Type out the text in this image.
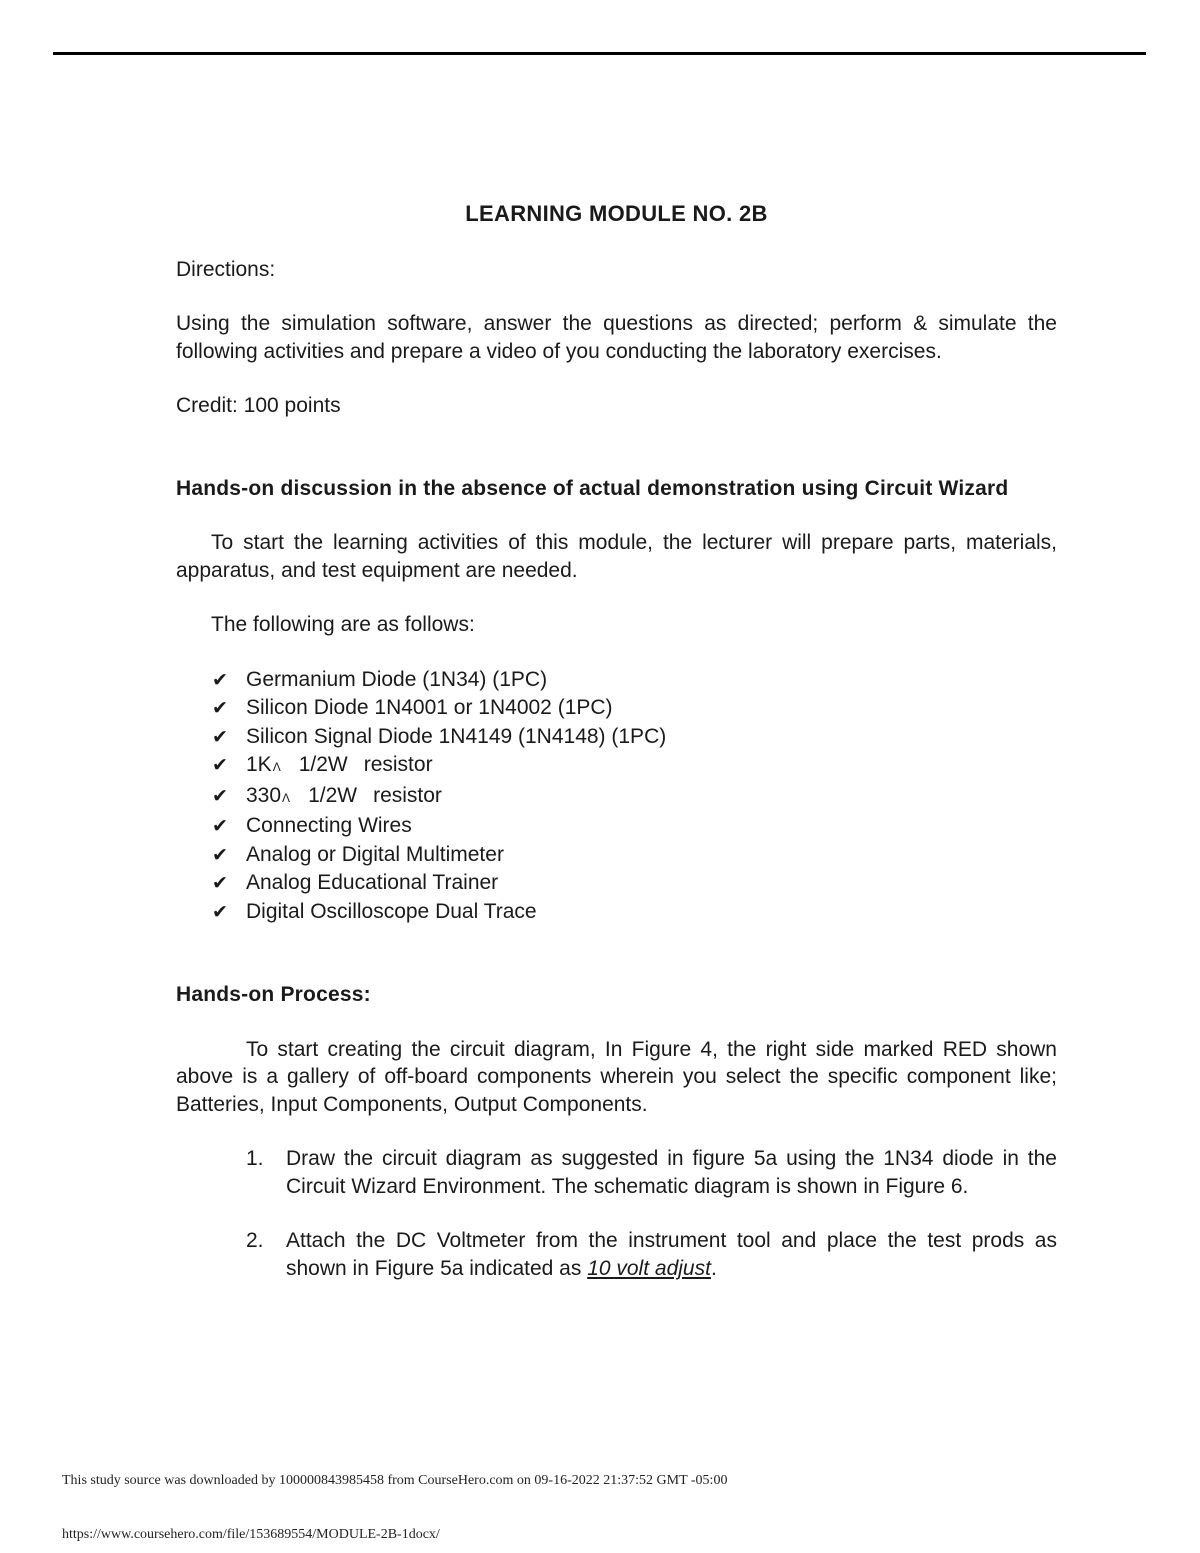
LEARNING MODULE NO. 2B

Directions:

Using the simulation software, answer the questions as directed; perform & simulate the following activities and prepare a video of you conducting the laboratory exercises.

Credit: 100 points

Hands-on discussion in the absence of actual demonstration using Circuit Wizard

To start the learning activities of this module, the lecturer will prepare parts, materials, apparatus, and test equipment are needed.

The following are as follows:

✔ Germanium Diode (1N34) (1PC)
✔ Silicon Diode 1N4001 or 1N4002 (1PC)
✔ Silicon Signal Diode 1N4149 (1N4148) (1PC)
✔ 1K Ʌ 1/2W resistor
✔ 330 Ʌ 1/2W resistor
✔ Connecting Wires
✔ Analog or Digital Multimeter
✔ Analog Educational Trainer
✔ Digital Oscilloscope Dual Trace

Hands-on Process:

To start creating the circuit diagram, In Figure 4, the right side marked RED shown above is a gallery of off-board components wherein you select the specific component like; Batteries, Input Components, Output Components.

1.	Draw the circuit diagram as suggested in figure 5a using the 1N34 diode in the Circuit Wizard Environment. The schematic diagram is shown in Figure 6.
2.	Attach the DC Voltmeter from the instrument tool and place the test prods as shown in Figure 5a indicated as 10 volt adjust.
This study source was downloaded by 100000843985458 from CourseHero.com on 09-16-2022 21:37:52 GMT -05:00
https://www.coursehero.com/file/153689554/MODULE-2B-1docx/
